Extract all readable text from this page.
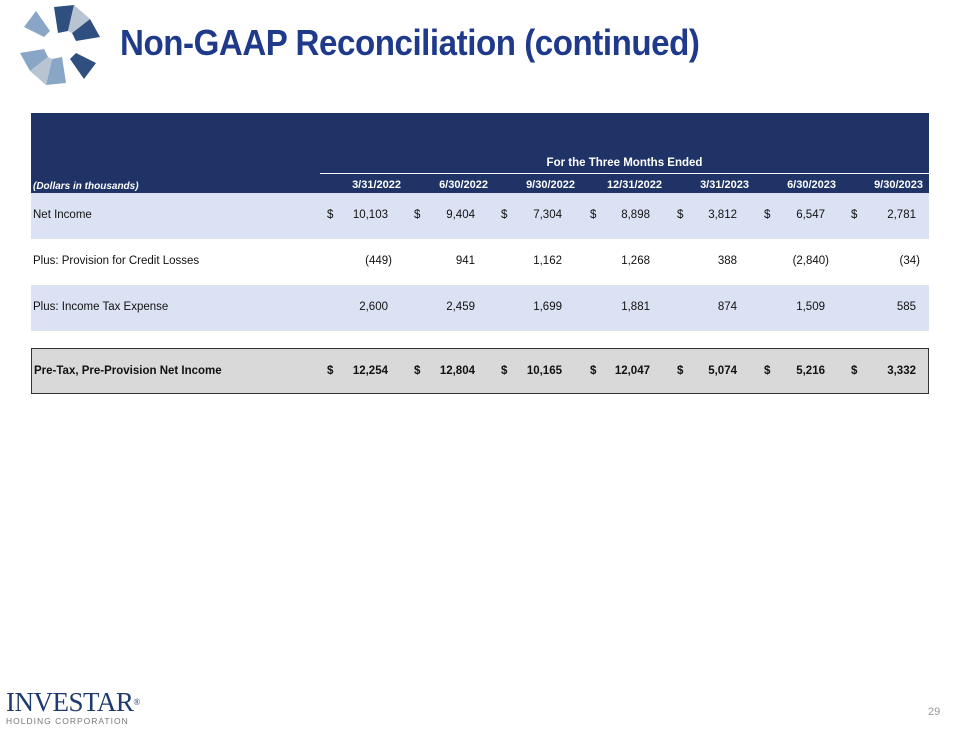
Non-GAAP Reconciliation (continued)
For the Three Months Ended
(Dollars in thousands)	3/31/2022	6/30/2022	9/30/2022	12/31/2022	3/31/2023	6/30/2023	9/30/2023
Net Income	$	10,103 $	9,404 $	7,304 $	8,898 $	3,812 $	6,547 $	2,781
Plus: Provision for Credit Losses	(449)	941	1,162	1,268	388	(2,840)	(34)
Plus: Income Tax Expense	2,600	2,459	1,699	1,881	874	1,509	585
Pre-Tax, Pre-Provision Net Income	$	12,254 $	12,804 $	10,165 $	12,047 $	5,074 $	5,216 $	3,332
INVESTAR®
HOLDING CORPORATION
29
